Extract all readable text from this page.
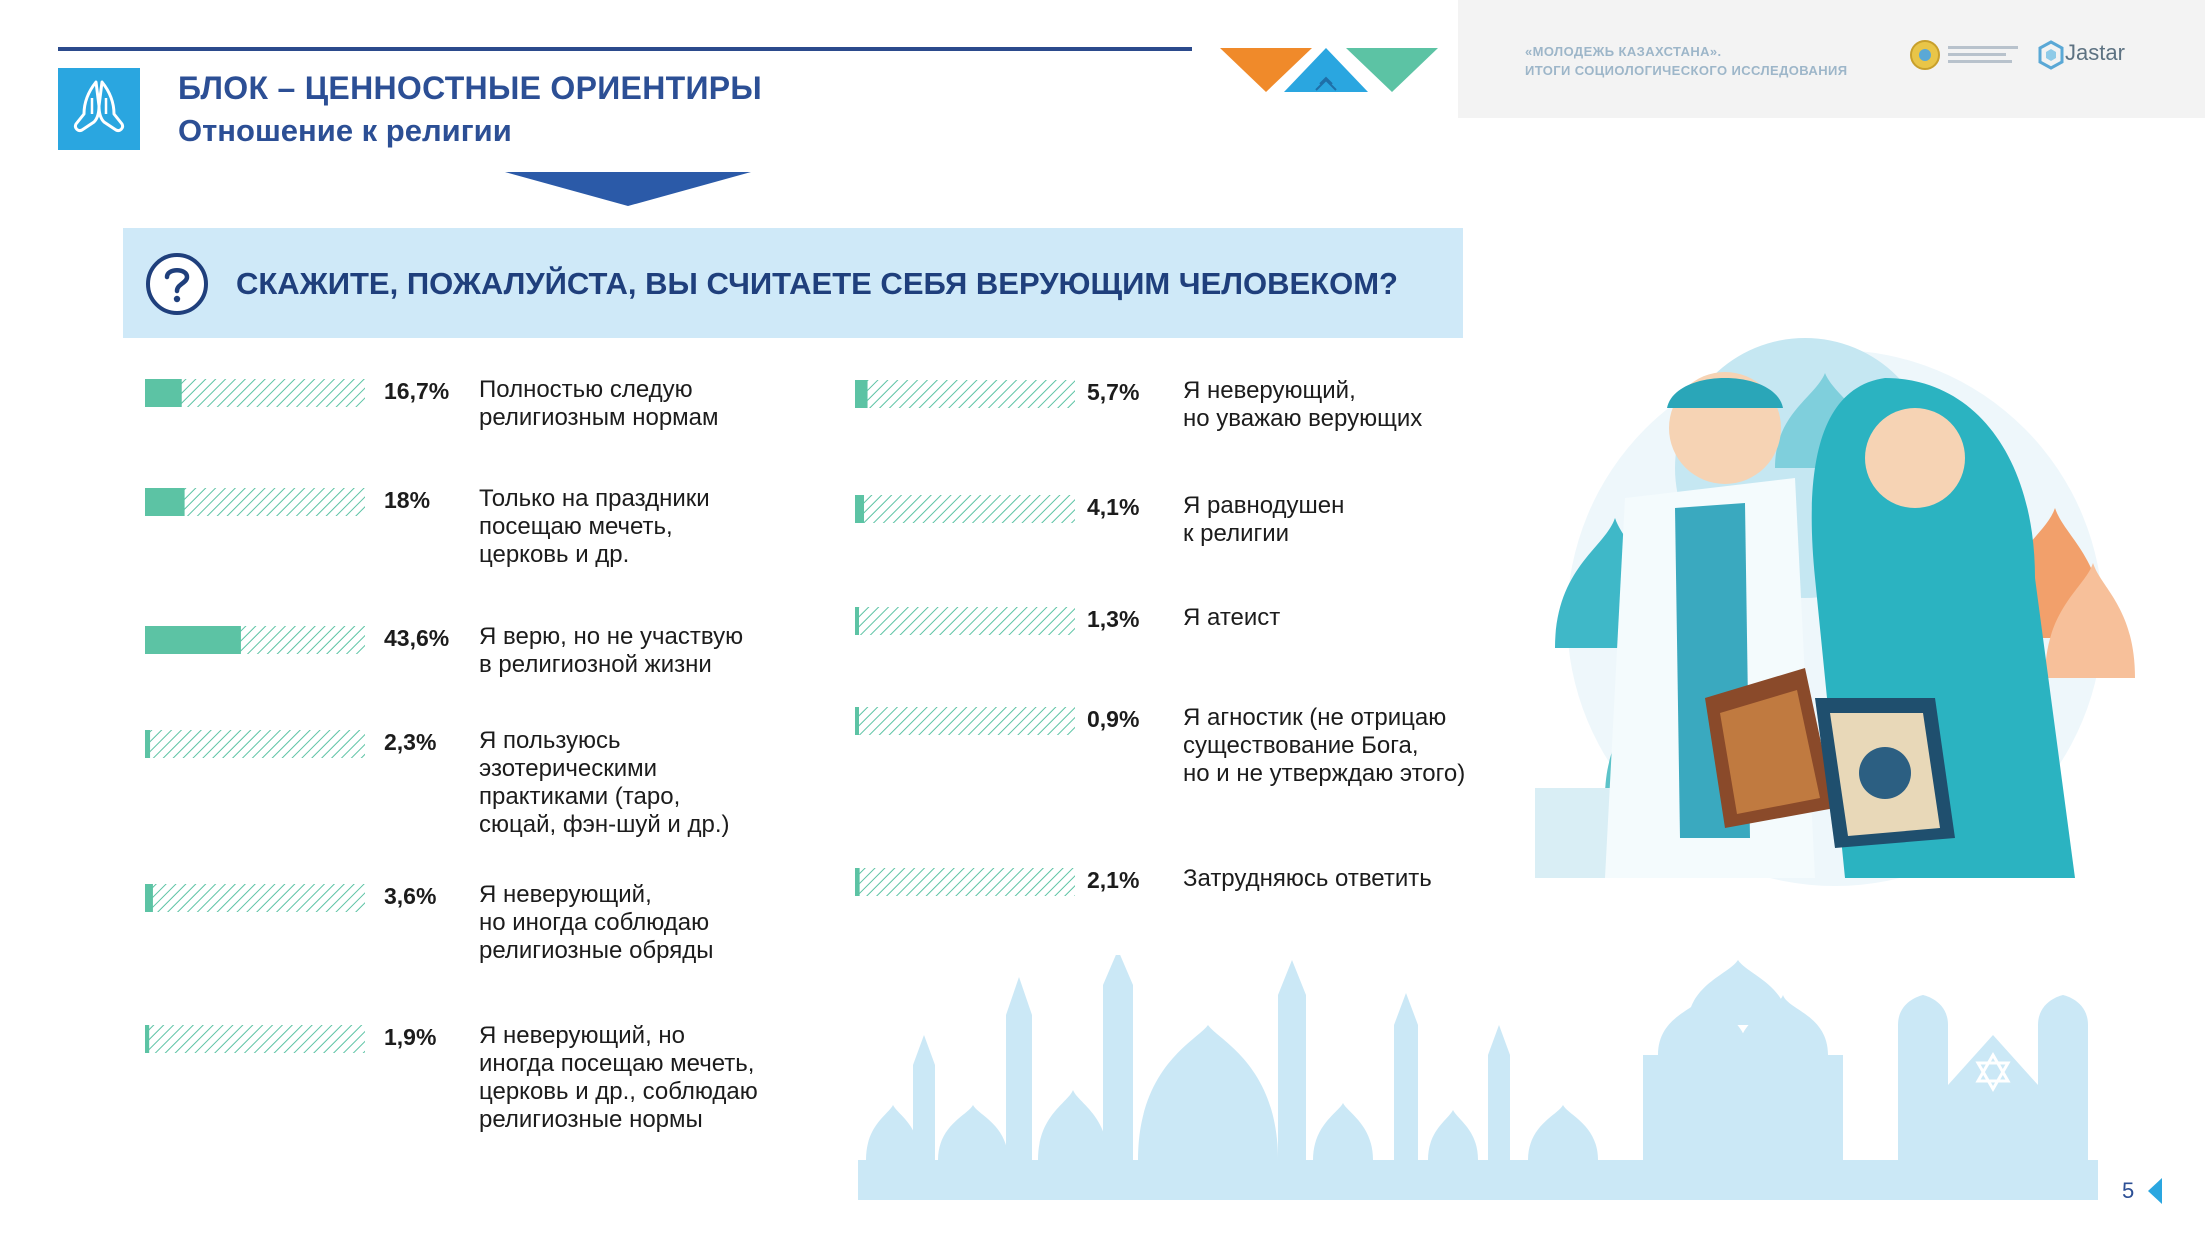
БЛОК – ЦЕННОСТНЫЕ ОРИЕНТИРЫ
Отношение к религии
«МОЛОДЕЖЬ КАЗАХСТАНА».
ИТОГИ СОЦИОЛОГИЧЕСКОГО ИССЛЕДОВАНИЯ
Jastar
СКАЖИТЕ, ПОЖАЛУЙСТА, ВЫ СЧИТАЕТЕ СЕБЯ ВЕРУЮЩИМ ЧЕЛОВЕКОМ?
16,7% Полностью следую
религиозным нормам
18% Только на праздники
посещаю мечеть,
церковь и др.
43,6% Я верю, но не участвую
в религиозной жизни
2,3% Я пользуюсь
эзотерическими
практиками (таро,
сюцай, фэн-шуй и др.)
3,6% Я неверующий,
но иногда соблюдаю
религиозные обряды
1,9% Я неверующий, но
иногда посещаю мечеть,
церковь и др., соблюдаю
религиозные нормы
5,7% Я неверующий,
но уважаю верующих
4,1% Я равнодушен
к религии
1,3% Я атеист
0,9% Я агностик (не отрицаю
существование Бога,
но и не утверждаю этого)
2,1% Затрудняюсь ответить
5
